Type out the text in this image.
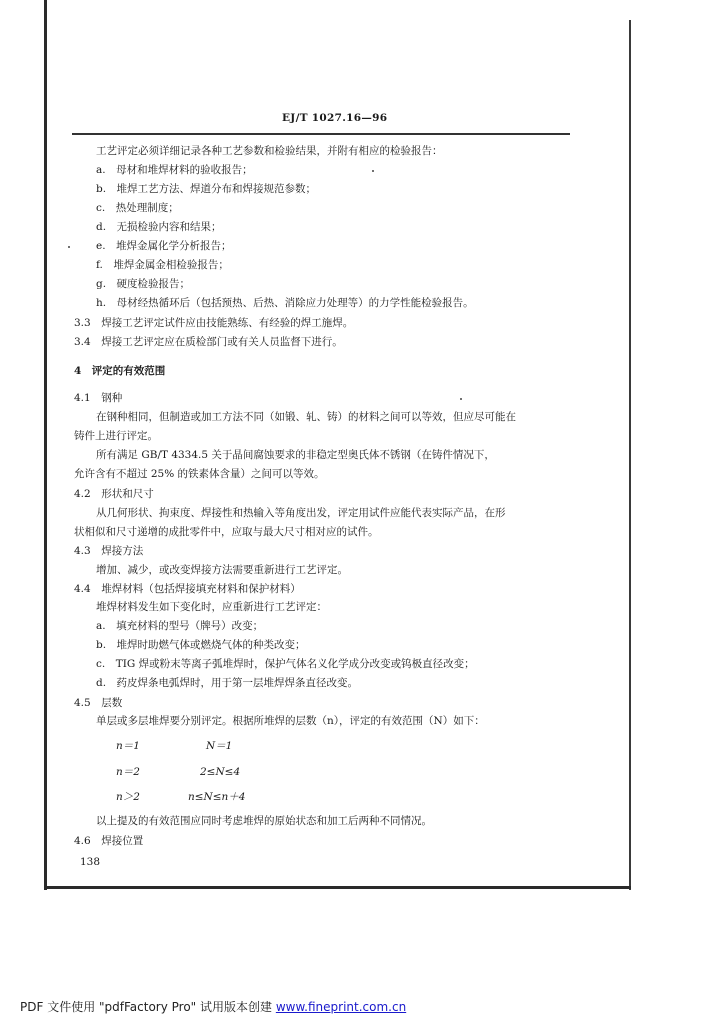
EJ/T 1027.16—96
工艺评定必须详细记录各种工艺参数和检验结果，并附有相应的检验报告：
a.　母材和堆焊材料的验收报告；
b.　堆焊工艺方法、焊道分布和焊接规范参数；
c.　热处理制度；
d.　无损检验内容和结果；
e.　堆焊金属化学分析报告；
f.　堆焊金属金相检验报告；
g.　硬度检验报告；
h.　母材经热循环后（包括预热、后热、消除应力处理等）的力学性能检验报告。
3.3　焊接工艺评定试件应由技能熟练、有经验的焊工施焊。
3.4　焊接工艺评定应在质检部门或有关人员监督下进行。
4　评定的有效范围
4.1　钢种
在钢种相同，但制造或加工方法不同（如锻、轧、铸）的材料之间可以等效，但应尽可能在
铸件上进行评定。
所有满足 GB/T 4334.5 关于晶间腐蚀要求的非稳定型奥氏体不锈钢（在铸件情况下，
允许含有不超过 25% 的铁素体含量）之间可以等效。
4.2　形状和尺寸
从几何形状、拘束度、焊接性和热输入等角度出发，评定用试件应能代表实际产品，在形
状相似和尺寸递增的成批零件中，应取与最大尺寸相对应的试件。
4.3　焊接方法
增加、减少，或改变焊接方法需要重新进行工艺评定。
4.4　堆焊材料（包括焊接填充材料和保护材料）
堆焊材料发生如下变化时，应重新进行工艺评定：
a.　填充材料的型号（牌号）改变；
b.　堆焊时助燃气体或燃烧气体的种类改变；
c.　TIG 焊或粉末等离子弧堆焊时，保护气体名义化学成分改变或钨极直径改变；
d.　药皮焊条电弧焊时，用于第一层堆焊焊条直径改变。
4.5　层数
单层或多层堆焊要分别评定。根据所堆焊的层数（n），评定的有效范围（N）如下：
n＝1	N＝1
n＝2	2≤N≤4
n＞2	n≤N≤n＋4
以上提及的有效范围应同时考虑堆焊的原始状态和加工后两种不同情况。
4.6　焊接位置
138
PDF 文件使用 "pdfFactory Pro" 试用版本创建 www.fineprint.com.cn
